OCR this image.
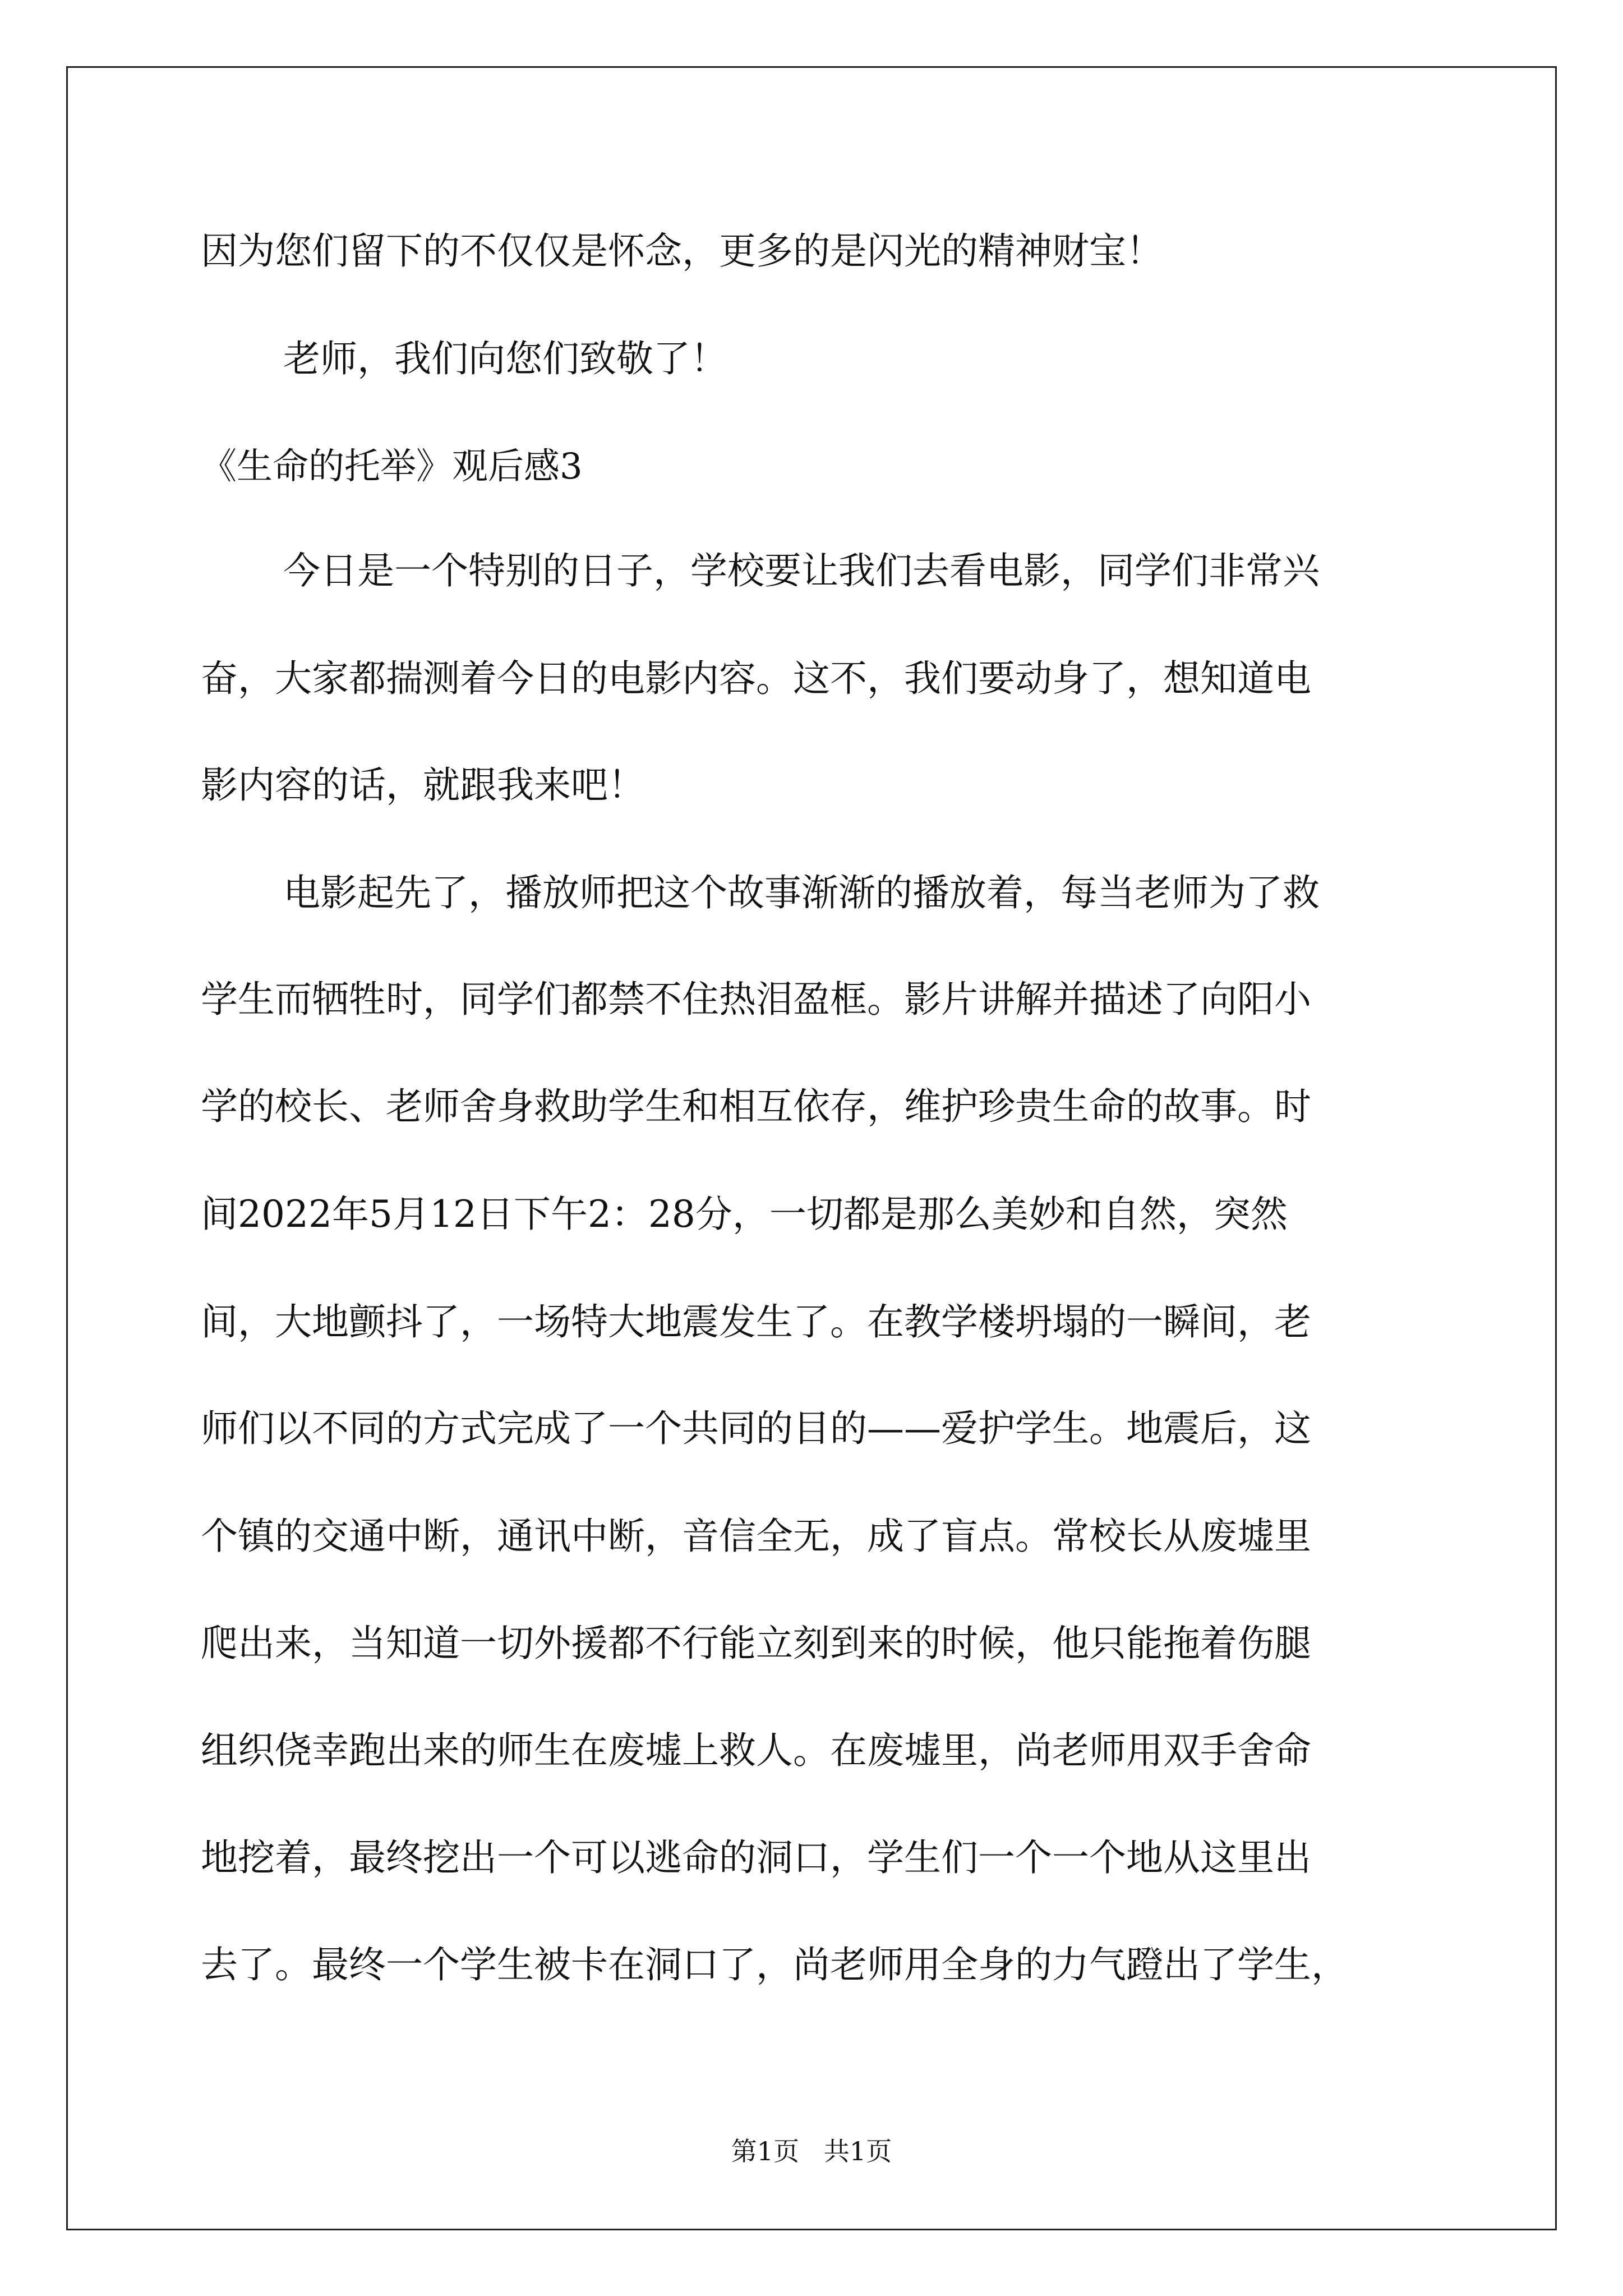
因为您们留下的不仅仅是怀念，更多的是闪光的精神财宝！

老师，我们向您们致敬了！

《生命的托举》观后感3

今日是一个特别的日子，学校要让我们去看电影，同学们非常兴

奋，大家都揣测着今日的电影内容。这不，我们要动身了，想知道电

影内容的话，就跟我来吧！

电影起先了，播放师把这个故事渐渐的播放着，每当老师为了救

学生而牺牲时，同学们都禁不住热泪盈框。影片讲解并描述了向阳小

学的校长、老师舍身救助学生和相互依存，维护珍贵生命的故事。时

间2022年5月12日下午2：28分，一切都是那么美妙和自然，突然

间，大地颤抖了，一场特大地震发生了。在教学楼坍塌的一瞬间，老

师们以不同的方式完成了一个共同的目的——爱护学生。地震后，这

个镇的交通中断，通讯中断，音信全无，成了盲点。常校长从废墟里

爬出来，当知道一切外援都不行能立刻到来的时候，他只能拖着伤腿

组织侥幸跑出来的师生在废墟上救人。在废墟里，尚老师用双手舍命

地挖着，最终挖出一个可以逃命的洞口，学生们一个一个地从这里出

去了。最终一个学生被卡在洞口了，尚老师用全身的力气蹬出了学生，

第1页   共1页
